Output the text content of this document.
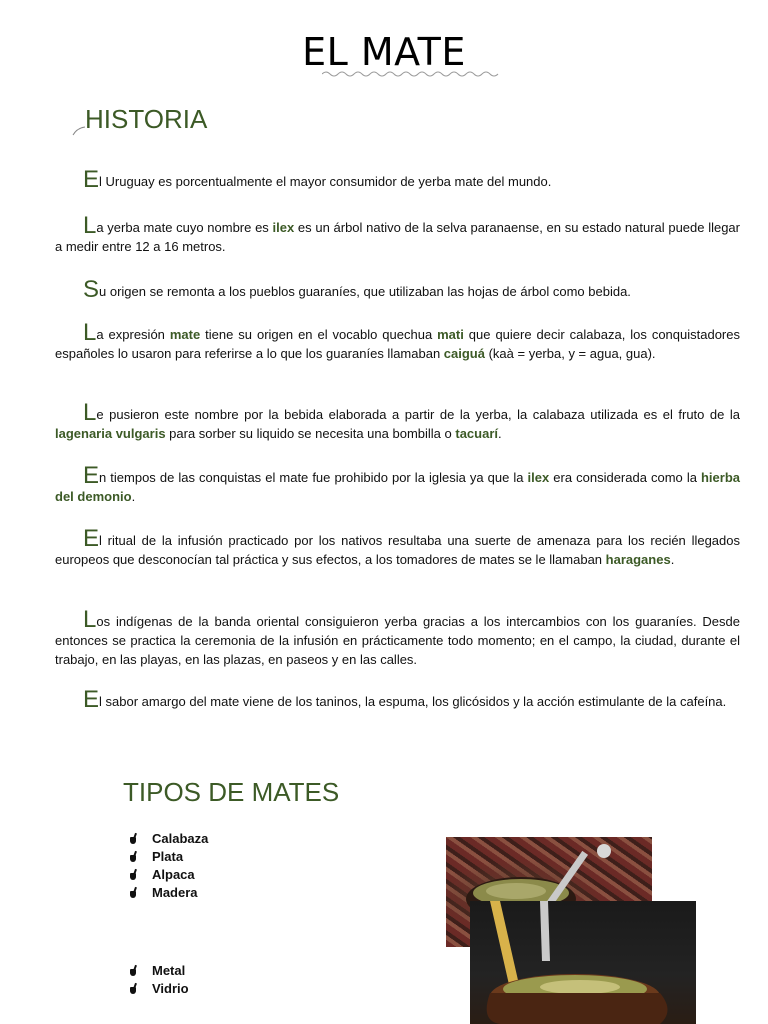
EL MATE
HISTORIA
El Uruguay es porcentualmente el mayor consumidor de yerba mate del mundo.
La yerba mate cuyo nombre es ilex es un árbol nativo de la selva paranaense, en su estado natural puede llegar a medir entre 12 a 16 metros.
Su origen se remonta a los pueblos guaraníes, que utilizaban las hojas de árbol como bebida.
La expresión mate tiene su origen en el vocablo quechua mati que quiere decir calabaza, los conquistadores españoles lo usaron para referirse a lo que los guaraníes llamaban caiguá (kaà = yerba, y = agua, gua).
Le pusieron este nombre por la bebida elaborada a partir de la yerba, la calabaza utilizada es el fruto de la lagenaria vulgaris para sorber su liquido se necesita una bombilla o tacuarí.
En tiempos de las conquistas el mate fue prohibido por la iglesia ya que la ilex era considerada como la hierba del demonio.
El ritual de la infusión practicado por los nativos resultaba una suerte de amenaza para los recién llegados europeos que desconocían tal práctica y sus efectos, a los tomadores de mates se le llamaban haraganes.
Los indígenas de la banda oriental consiguieron yerba gracias a los intercambios con los guaraníes. Desde entonces se practica la ceremonia de la infusión en prácticamente todo momento; en el campo, la ciudad, durante el trabajo, en las playas, en las plazas, en paseos y en las calles.
El sabor amargo del mate viene de los taninos, la espuma, los glicósidos y la acción estimulante de la cafeína.
TIPOS DE MATES
Calabaza
Plata
Alpaca
Madera
Metal
Vidrio
